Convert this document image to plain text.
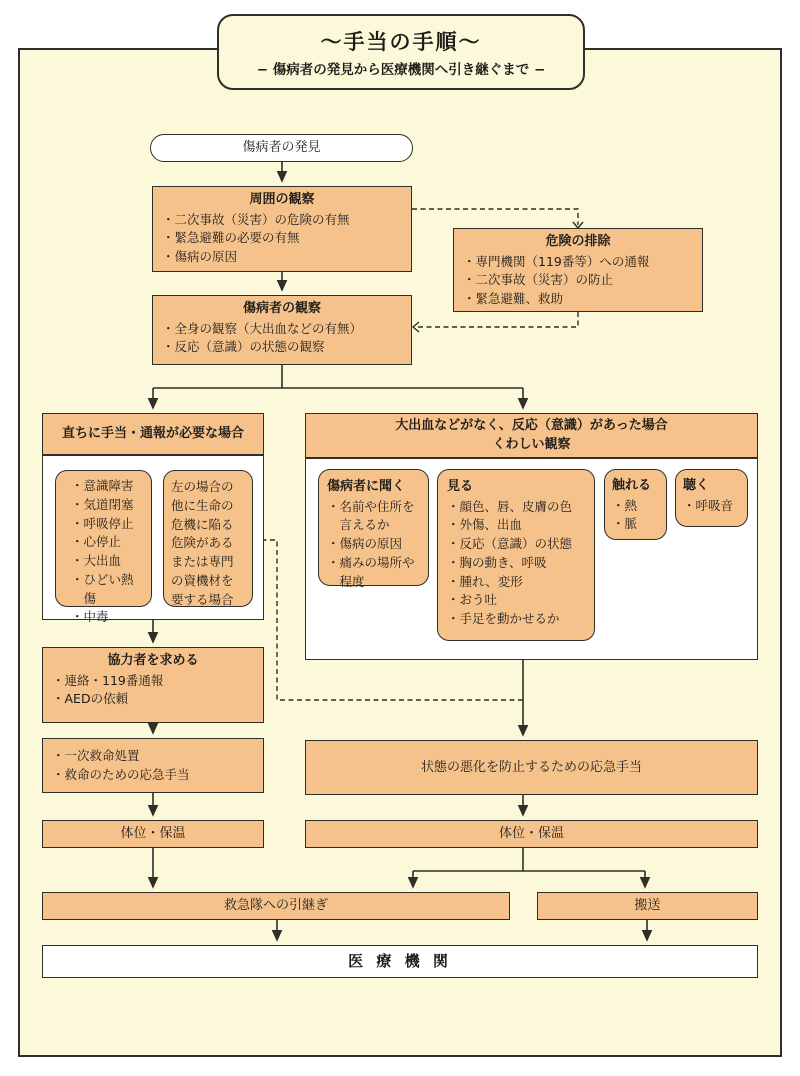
〜手当の手順〜
− 傷病者の発見から医療機関へ引き継ぐまで −
傷病者の発見
周囲の観察
・二次事故（災害）の危険の有無
・緊急避難の必要の有無
・傷病の原因
危険の排除
・専門機関（119番等）への通報
・二次事故（災害）の防止
・緊急避難、救助
傷病者の観察
・全身の観察（大出血などの有無）
・反応（意識）の状態の観察
直ちに手当・通報が必要な場合
・意識障害
・気道閉塞
・呼吸停止
・心停止
・大出血
・ひどい熱傷
・中毒
左の場合の他に生命の危機に陥る危険があるまたは専門の資機材を要する場合
大出血などがなく、反応（意識）があった場合
くわしい観察
傷病者に聞く
・名前や住所を言えるか
・傷病の原因
・痛みの場所や程度
見る
・顔色、唇、皮膚の色
・外傷、出血
・反応（意識）の状態
・胸の動き、呼吸
・腫れ、変形
・おう吐
・手足を動かせるか
触れる
・熱
・脈
聴く
・呼吸音
協力者を求める
・連絡・119番通報
・AEDの依頼
・一次救命処置
・救命のための応急手当
体位・保温
状態の悪化を防止するための応急手当
体位・保温
救急隊への引継ぎ	搬送
医 療 機 関
